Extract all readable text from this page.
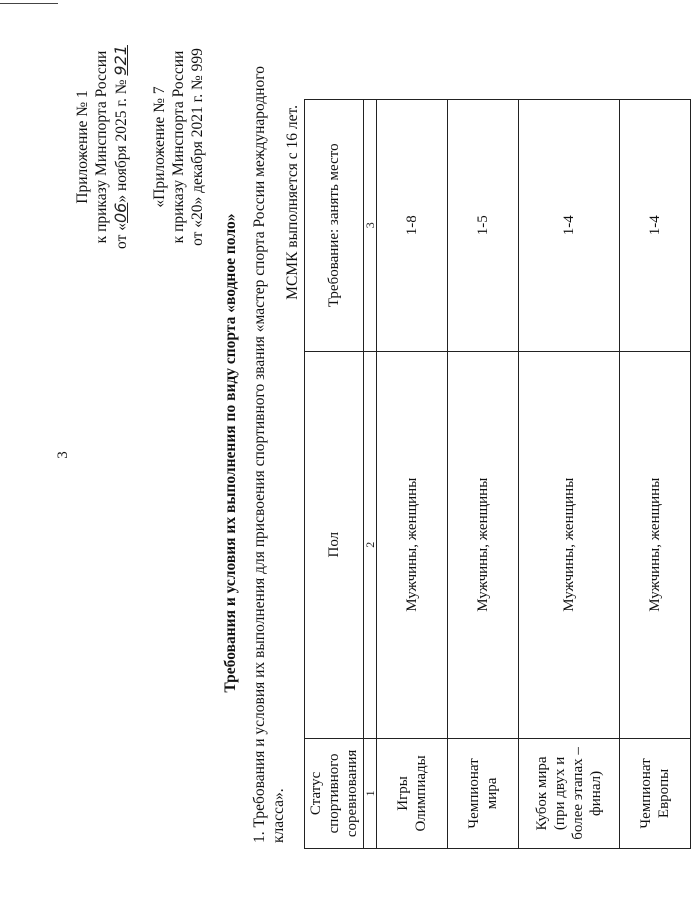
3
Приложение № 1 к приказу Минспорта России от «06» ноября 2025 г. № 921
«Приложение № 7 к приказу Минспорта России от «20» декабря 2021 г. № 999
Требования и условия их выполнения по виду спорта «водное поло» 1. Требования и условия их выполнения для присвоения спортивного звания «мастер спорта России международного класса».
МСМК выполняется с 16 лет.
Статус спортивного соревнования	Пол	Требование: занять место
1	2	3
Игры Олимпиады	Мужчины, женщины	1-8
Чемпионат мира	Мужчины, женщины	1-5
Кубок мира (при двух и более этапах – финал)	Мужчины, женщины	1-4
Чемпионат Европы	Мужчины, женщины	1-4
